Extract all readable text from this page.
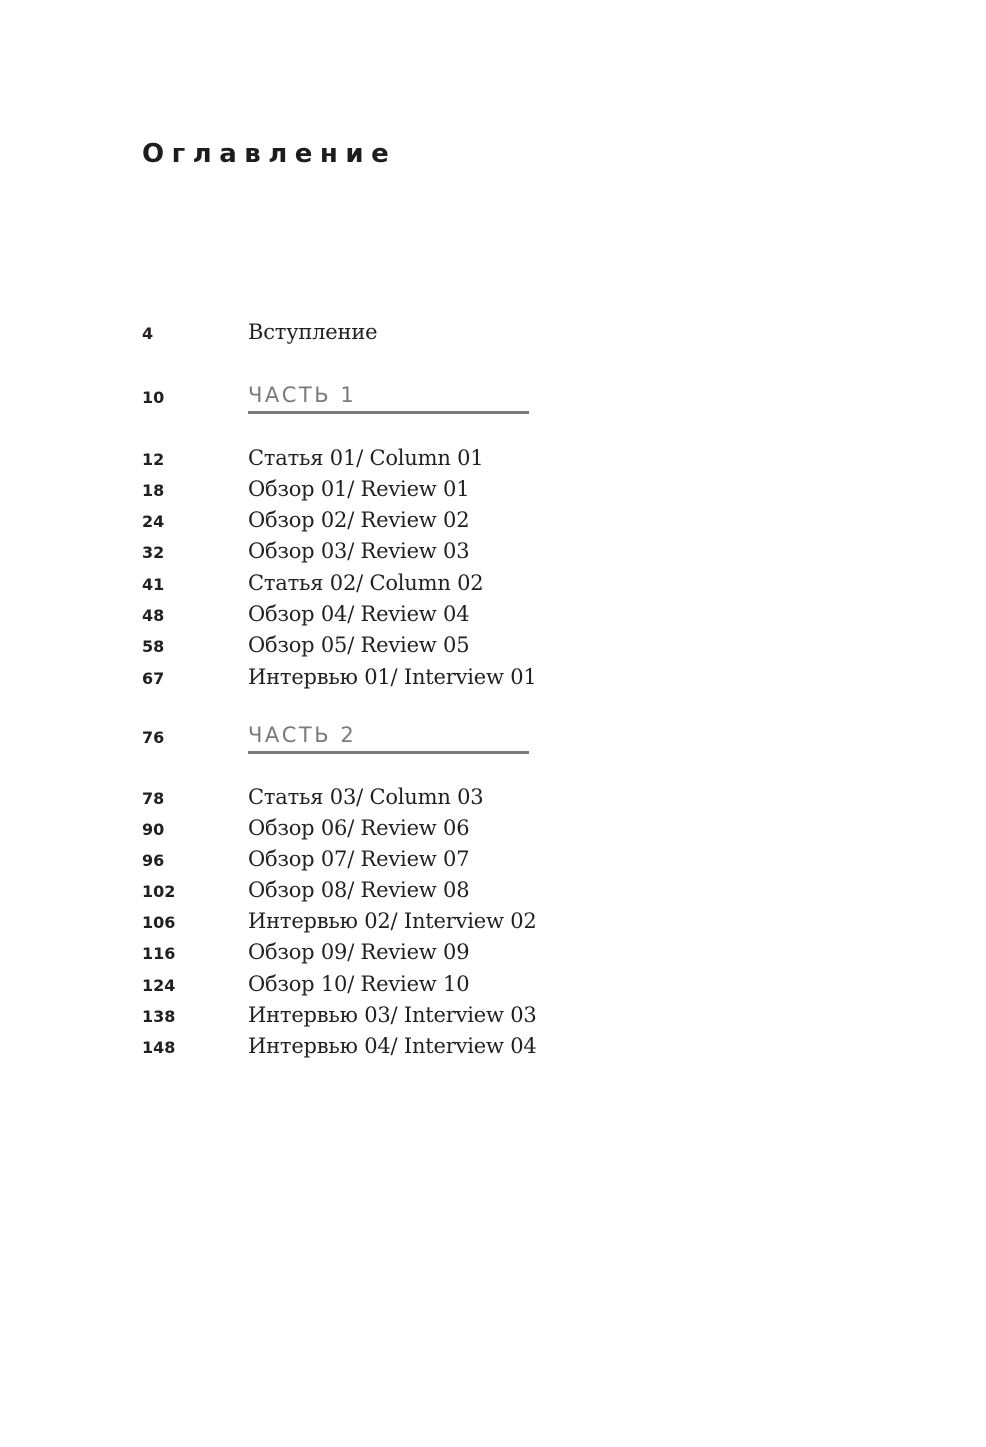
Оглавление
4	Вступление
10	ЧАСТЬ 1
12	Статья 01/ Column 01
18	Обзор 01/ Review 01
24	Обзор 02/ Review 02
32	Обзор 03/ Review 03
41	Статья 02/ Column 02
48	Обзор 04/ Review 04
58	Обзор 05/ Review 05
67	Интервью 01/ Interview 01
76	ЧАСТЬ 2
78	Статья 03/ Column 03
90	Обзор 06/ Review 06
96	Обзор 07/ Review 07
102	Обзор 08/ Review 08
106	Интервью 02/ Interview 02
116	Обзор 09/ Review 09
124	Обзор 10/ Review 10
138	Интервью 03/ Interview 03
148	Интервью 04/ Interview 04
